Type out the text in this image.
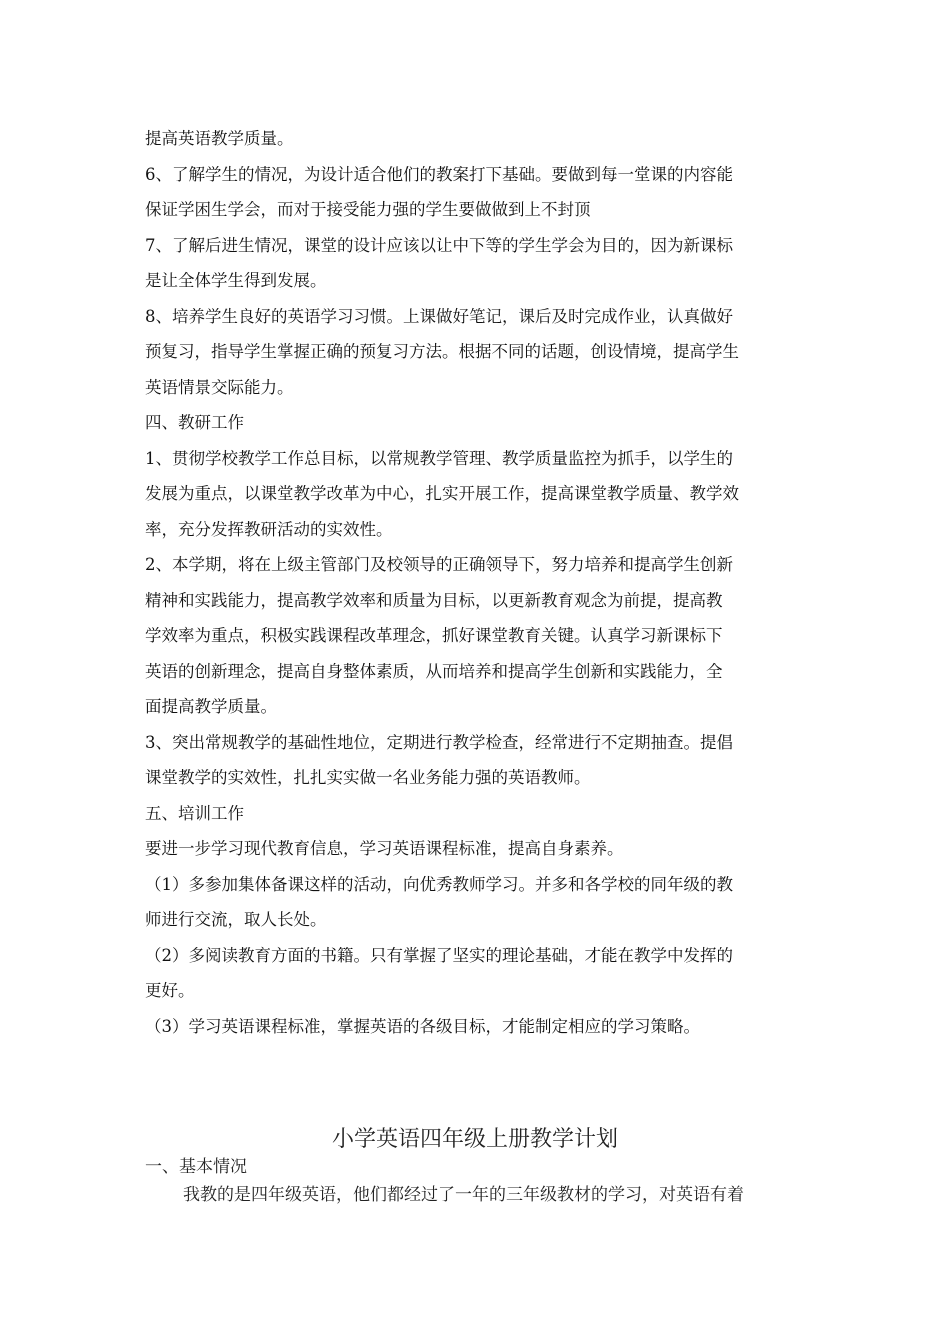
提高英语教学质量。

6、了解学生的情况，为设计适合他们的教案打下基础。要做到每一堂课的内容能

保证学困生学会，而对于接受能力强的学生要做做到上不封顶

7、了解后进生情况，课堂的设计应该以让中下等的学生学会为目的，因为新课标

是让全体学生得到发展。

8、培养学生良好的英语学习习惯。上课做好笔记，课后及时完成作业，认真做好

预复习，指导学生掌握正确的预复习方法。根据不同的话题，创设情境，提高学生

英语情景交际能力。

四、教研工作

1、贯彻学校教学工作总目标，以常规教学管理、教学质量监控为抓手，以学生的

发展为重点，以课堂教学改革为中心，扎实开展工作，提高课堂教学质量、教学效

率，充分发挥教研活动的实效性。

2、本学期，将在上级主管部门及校领导的正确领导下，努力培养和提高学生创新

精神和实践能力，提高教学效率和质量为目标，以更新教育观念为前提，提高教

学效率为重点，积极实践课程改革理念，抓好课堂教育关键。认真学习新课标下

英语的创新理念，提高自身整体素质，从而培养和提高学生创新和实践能力，全

面提高教学质量。

3、突出常规教学的基础性地位，定期进行教学检查，经常进行不定期抽查。提倡

课堂教学的实效性，扎扎实实做一名业务能力强的英语教师。

五、培训工作

要进一步学习现代教育信息，学习英语课程标准，提高自身素养。

（1）多参加集体备课这样的活动，向优秀教师学习。并多和各学校的同年级的教

师进行交流，取人长处。

（2）多阅读教育方面的书籍。只有掌握了坚实的理论基础，才能在教学中发挥的

更好。

（3）学习英语课程标准，掌握英语的各级目标，才能制定相应的学习策略。

小学英语四年级上册教学计划
一、基本情况

我教的是四年级英语，他们都经过了一年的三年级教材的学习，对英语有着
